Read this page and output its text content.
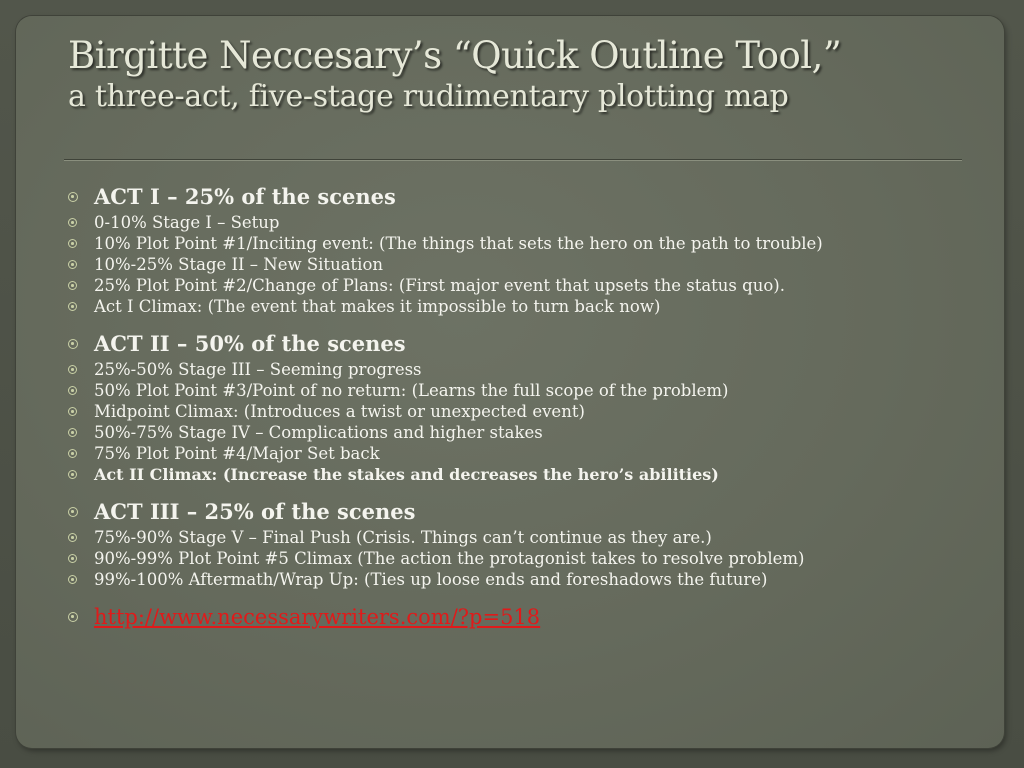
Birgitte Neccesary’s “Quick Outline Tool,”
a three-act, five-stage rudimentary plotting map
ACT I – 25% of the scenes
0-10% Stage I – Setup
10% Plot Point #1/Inciting event: (The things that sets the hero on the path to trouble)
10%-25% Stage II – New Situation
25% Plot Point #2/Change of Plans: (First major event that upsets the status quo).
Act I Climax: (The event that makes it impossible to turn back now)
ACT II – 50% of the scenes
25%-50% Stage III – Seeming progress
50% Plot Point #3/Point of no return: (Learns the full scope of the problem)
Midpoint Climax: (Introduces a twist or unexpected event)
50%-75% Stage IV – Complications and higher stakes
75% Plot Point #4/Major Set back
Act II Climax: (Increase the stakes and decreases the hero’s abilities)
ACT III – 25% of the scenes
75%-90% Stage V – Final Push (Crisis. Things can’t continue as they are.)
90%-99% Plot Point #5 Climax (The action the protagonist takes to resolve problem)
99%-100% Aftermath/Wrap Up: (Ties up loose ends and foreshadows the future)
http://www.necessarywriters.com/?p=518
